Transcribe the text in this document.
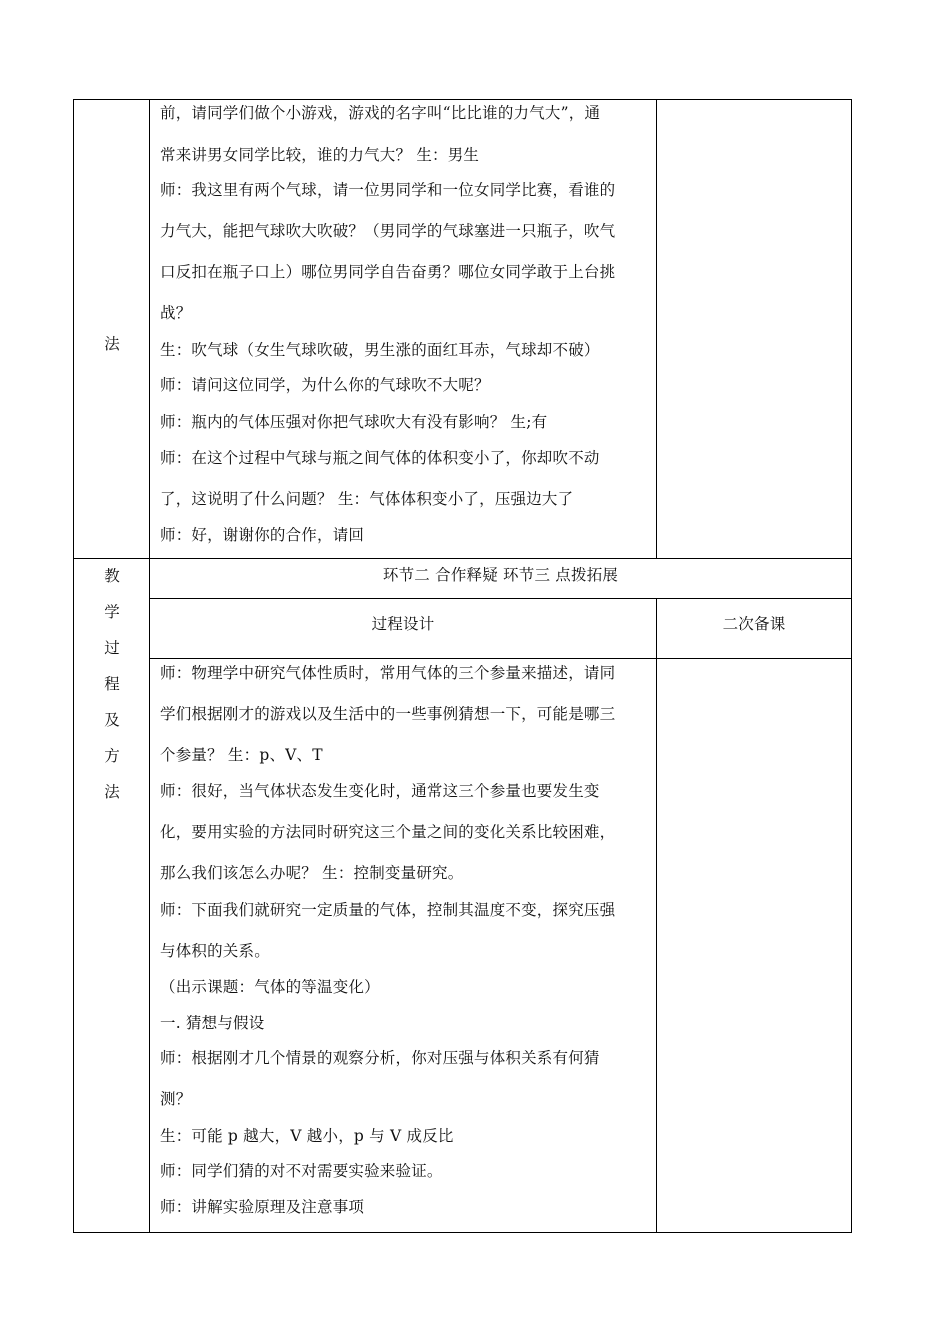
法
前，请同学们做个小游戏，游戏的名字叫“比比谁的力气大”，通
常来讲男女同学比较，谁的力气大？ 生：男生
师：我这里有两个气球，请一位男同学和一位女同学比赛，看谁的
力气大，能把气球吹大吹破？（男同学的气球塞进一只瓶子，吹气
口反扣在瓶子口上）哪位男同学自告奋勇？哪位女同学敢于上台挑
战？
生：吹气球（女生气球吹破，男生涨的面红耳赤，气球却不破）
师：请问这位同学，为什么你的气球吹不大呢？
师：瓶内的气体压强对你把气球吹大有没有影响？ 生;有
师：在这个过程中气球与瓶之间气体的体积变小了，你却吹不动
了，这说明了什么问题？ 生：气体体积变小了，压强边大了
师：好，谢谢你的合作，请回
教
学
过
程
及
方
法
环节二 合作释疑 环节三 点拨拓展
过程设计	二次备课
师：物理学中研究气体性质时，常用气体的三个参量来描述，请同
学们根据刚才的游戏以及生活中的一些事例猜想一下，可能是哪三
个参量？ 生：p、V、T
师：很好，当气体状态发生变化时，通常这三个参量也要发生变
化，要用实验的方法同时研究这三个量之间的变化关系比较困难，
那么我们该怎么办呢？ 生：控制变量研究。
师：下面我们就研究一定质量的气体，控制其温度不变，探究压强
与体积的关系。
（出示课题：气体的等温变化）
一. 猜想与假设
师：根据刚才几个情景的观察分析，你对压强与体积关系有何猜
测？
生：可能 p 越大，V 越小，p 与 V 成反比
师：同学们猜的对不对需要实验来验证。
师：讲解实验原理及注意事项
